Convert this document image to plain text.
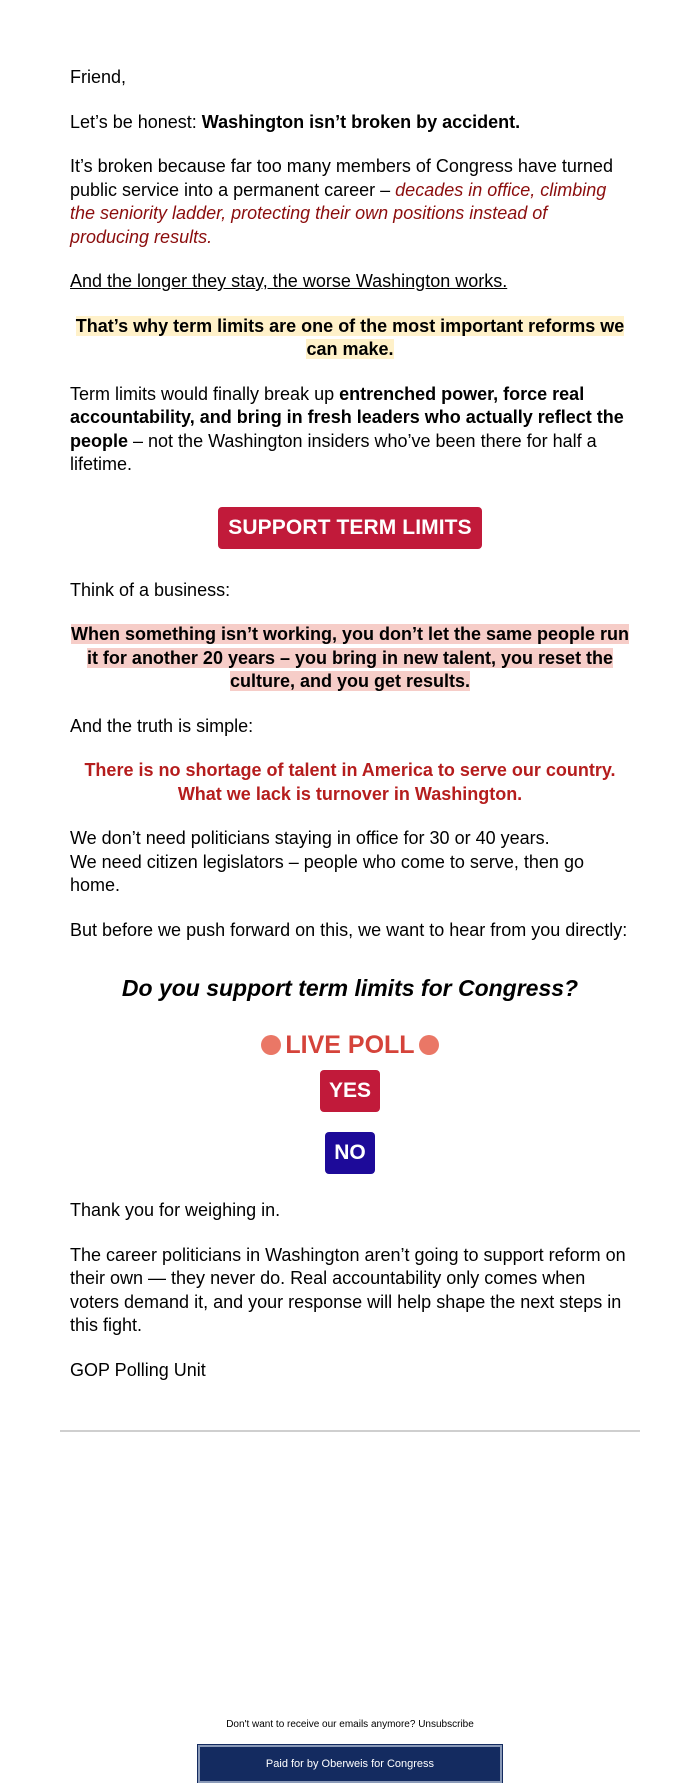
Friend,

Let’s be honest: Washington isn’t broken by accident.

It’s broken because far too many members of Congress have turned public service into a permanent career – decades in office, climbing the seniority ladder, protecting their own positions instead of producing results.

And the longer they stay, the worse Washington works.

That’s why term limits are one of the most important reforms we can make.

Term limits would finally break up entrenched power, force real accountability, and bring in fresh leaders who actually reflect the people – not the Washington insiders who’ve been there for half a lifetime.

SUPPORT TERM LIMITS

Think of a business:

When something isn’t working, you don’t let the same people run it for another 20 years – you bring in new talent, you reset the culture, and you get results.

And the truth is simple:

There is no shortage of talent in America to serve our country.
What we lack is turnover in Washington.

We don’t need politicians staying in office for 30 or 40 years.
We need citizen legislators – people who come to serve, then go home.

But before we push forward on this, we want to hear from you directly:

Do you support term limits for Congress?
LIVE POLL
YES
NO

Thank you for weighing in.

The career politicians in Washington aren’t going to support reform on their own — they never do. Real accountability only comes when voters demand it, and your response will help shape the next steps in this fight.

GOP Polling Unit

Don't want to receive our emails anymore? Unsubscribe
Paid for by Oberweis for Congress
